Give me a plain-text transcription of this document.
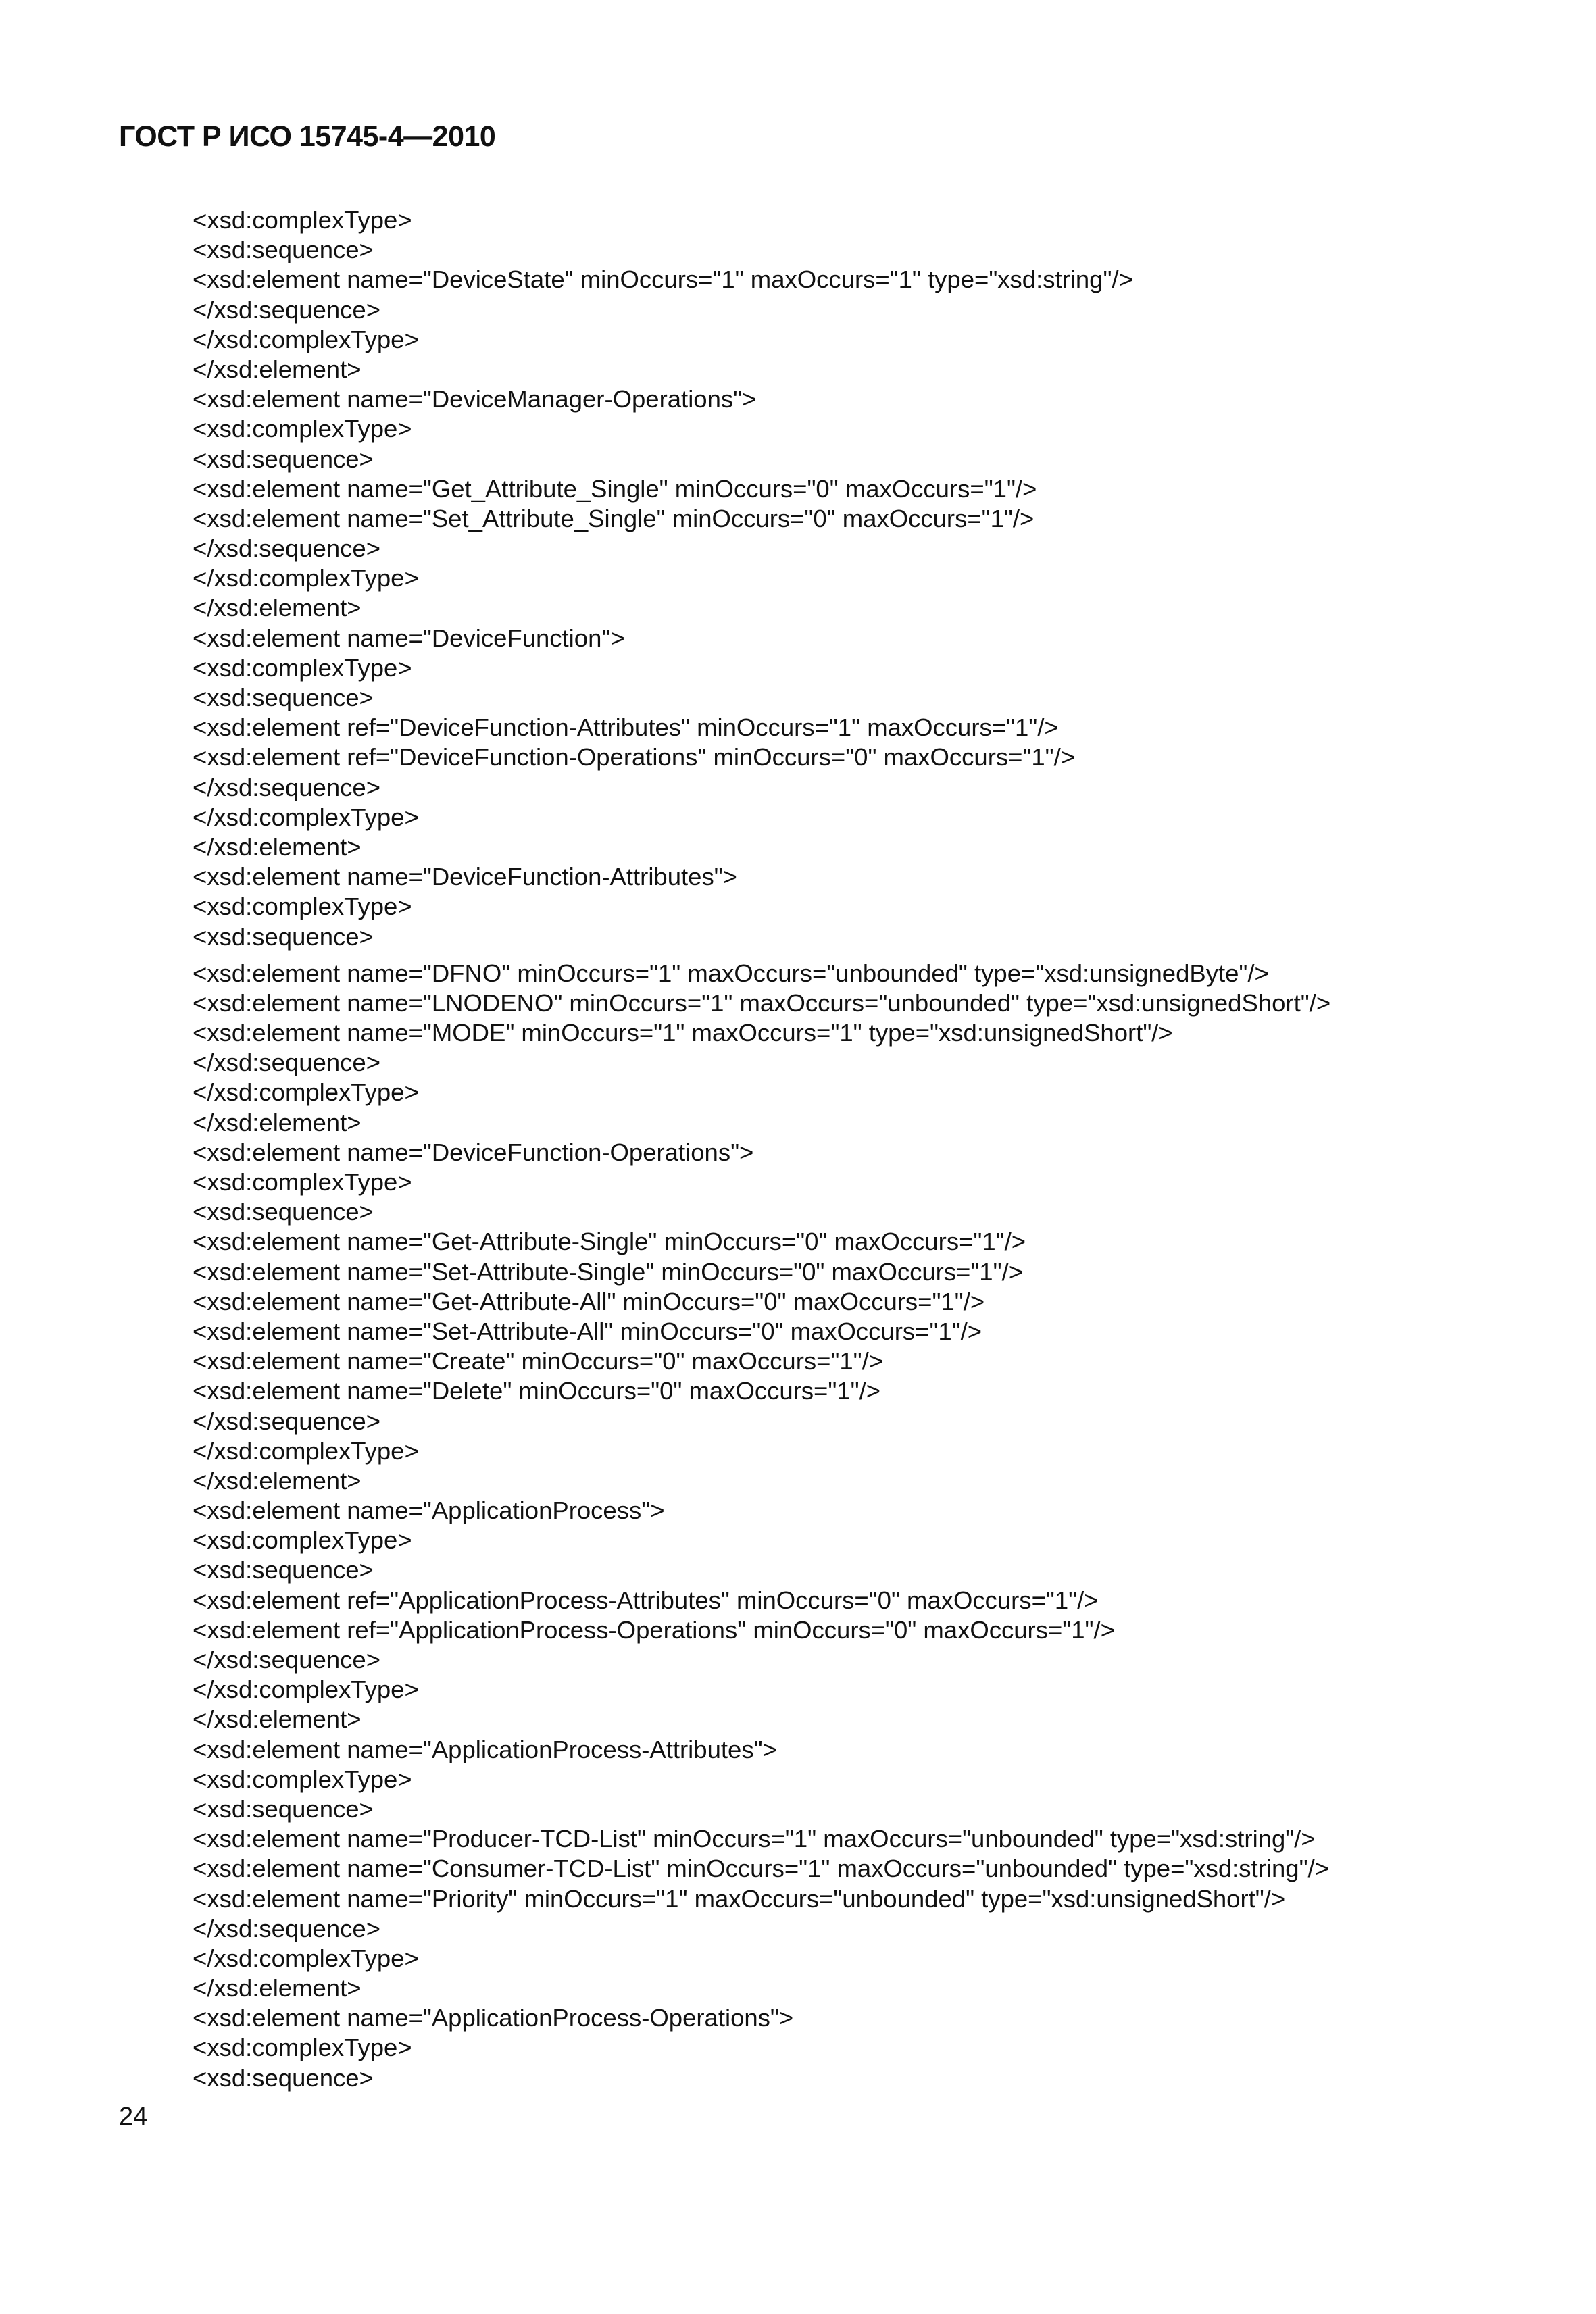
ГОСТ Р ИСО 15745-4—2010
<xsd:complexType>
<xsd:sequence>
<xsd:element name="DeviceState" minOccurs="1" maxOccurs="1" type="xsd:string"/>
</xsd:sequence>
</xsd:complexType>
</xsd:element>
<xsd:element name="DeviceManager-Operations">
<xsd:complexType>
<xsd:sequence>
<xsd:element name="Get_Attribute_Single" minOccurs="0" maxOccurs="1"/>
<xsd:element name="Set_Attribute_Single" minOccurs="0" maxOccurs="1"/>
</xsd:sequence>
</xsd:complexType>
</xsd:element>
<xsd:element name="DeviceFunction">
<xsd:complexType>
<xsd:sequence>
<xsd:element ref="DeviceFunction-Attributes" minOccurs="1" maxOccurs="1"/>
<xsd:element ref="DeviceFunction-Operations" minOccurs="0" maxOccurs="1"/>
</xsd:sequence>
</xsd:complexType>
</xsd:element>
<xsd:element name="DeviceFunction-Attributes">
<xsd:complexType>
<xsd:sequence>
<xsd:element name="DFNO" minOccurs="1" maxOccurs="unbounded" type="xsd:unsignedByte"/>
<xsd:element name="LNODENO" minOccurs="1" maxOccurs="unbounded" type="xsd:unsignedShort"/>
<xsd:element name="MODE" minOccurs="1" maxOccurs="1" type="xsd:unsignedShort"/>
</xsd:sequence>
</xsd:complexType>
</xsd:element>
<xsd:element name="DeviceFunction-Operations">
<xsd:complexType>
<xsd:sequence>
<xsd:element name="Get-Attribute-Single" minOccurs="0" maxOccurs="1"/>
<xsd:element name="Set-Attribute-Single" minOccurs="0" maxOccurs="1"/>
<xsd:element name="Get-Attribute-All" minOccurs="0" maxOccurs="1"/>
<xsd:element name="Set-Attribute-All" minOccurs="0" maxOccurs="1"/>
<xsd:element name="Create" minOccurs="0" maxOccurs="1"/>
<xsd:element name="Delete" minOccurs="0" maxOccurs="1"/>
</xsd:sequence>
</xsd:complexType>
</xsd:element>
<xsd:element name="ApplicationProcess">
<xsd:complexType>
<xsd:sequence>
<xsd:element ref="ApplicationProcess-Attributes" minOccurs="0" maxOccurs="1"/>
<xsd:element ref="ApplicationProcess-Operations" minOccurs="0" maxOccurs="1"/>
</xsd:sequence>
</xsd:complexType>
</xsd:element>
<xsd:element name="ApplicationProcess-Attributes">
<xsd:complexType>
<xsd:sequence>
<xsd:element name="Producer-TCD-List" minOccurs="1" maxOccurs="unbounded" type="xsd:string"/>
<xsd:element name="Consumer-TCD-List" minOccurs="1" maxOccurs="unbounded" type="xsd:string"/>
<xsd:element name="Priority" minOccurs="1" maxOccurs="unbounded" type="xsd:unsignedShort"/>
</xsd:sequence>
</xsd:complexType>
</xsd:element>
<xsd:element name="ApplicationProcess-Operations">
<xsd:complexType>
<xsd:sequence>
24
